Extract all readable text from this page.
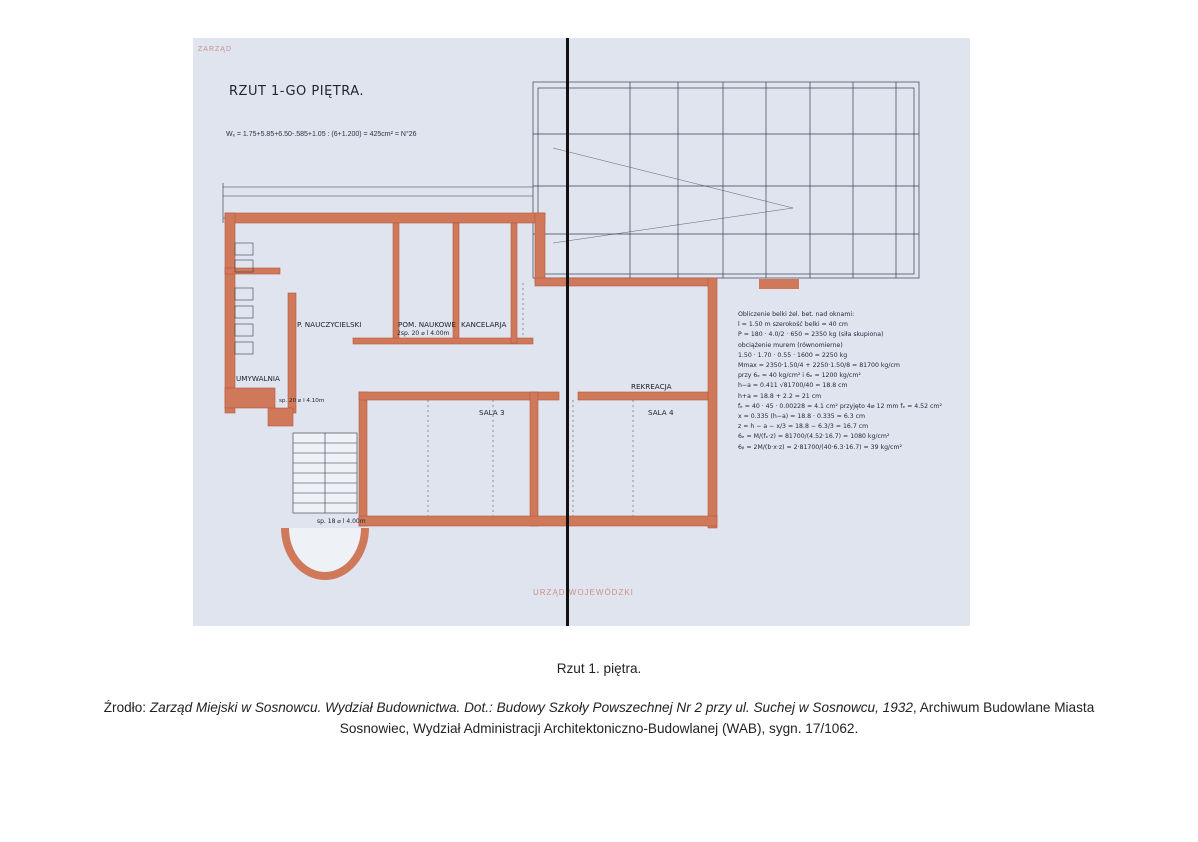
ZARZĄD
URZĄD WOJEWÓDZKI
RZUT 1-GO PIĘTRA.
Wₓ = 1.75+5.85+6.50-.585+1.05 : (6+1.200) = 425cm² = N°26
P. NAUCZYCIELSKI	POM. NAUKOWE
2sp. 20 ⌀ l 4.00m
KANCELARJA
UMYWALNIA
REKREACJA
SALA 3	SALA 4
sp. 20 ⌀ l 4.10m
sp. 18 ⌀ l 4.00m
Obliczenie belki żel. bet. nad oknami:
l = 1.50 m szerokość belki = 40 cm
P = 180 · 4.0/2 · 650 = 2350 kg (siła skupiona)
obciążenie murem (równomierne)
1.50 · 1.70 · 0.55 · 1600 = 2250 kg
Mmax = 2350·1.50/4 + 2250·1.50/8 = 81700 kg/cm
przy 6ₑ = 40 kg/cm² i 6ₑ = 1200 kg/cm²
h−a = 0.411 √81700/40 = 18.8 cm
h+a = 18.8 + 2.2 = 21 cm
fₑ = 40 · 45 · 0.00228 = 4.1 cm² przyjęto 4⌀ 12 mm fₑ = 4.52 cm²
x = 0.335 (h−a) = 18.8 · 0.335 = 6.3 cm
z = h − a − x/3 = 18.8 − 6.3/3 = 16.7 cm
6ₑ = M/(fₑ·z) = 81700/(4.52·16.7) = 1080 kg/cm²
6ᵦ = 2M/(b·x·z) = 2·81700/(40·6.3·16.7) = 39 kg/cm²
Rzut 1. piętra.
Źrodło: Zarząd Miejski w Sosnowcu. Wydział Budownictwa. Dot.: Budowy Szkoły Powszechnej Nr 2 przy ul. Suchej w Sosnowcu, 1932, Archiwum Budowlane Miasta Sosnowiec, Wydział Administracji Architektoniczno-Budowlanej (WAB), sygn. 17/1062.
